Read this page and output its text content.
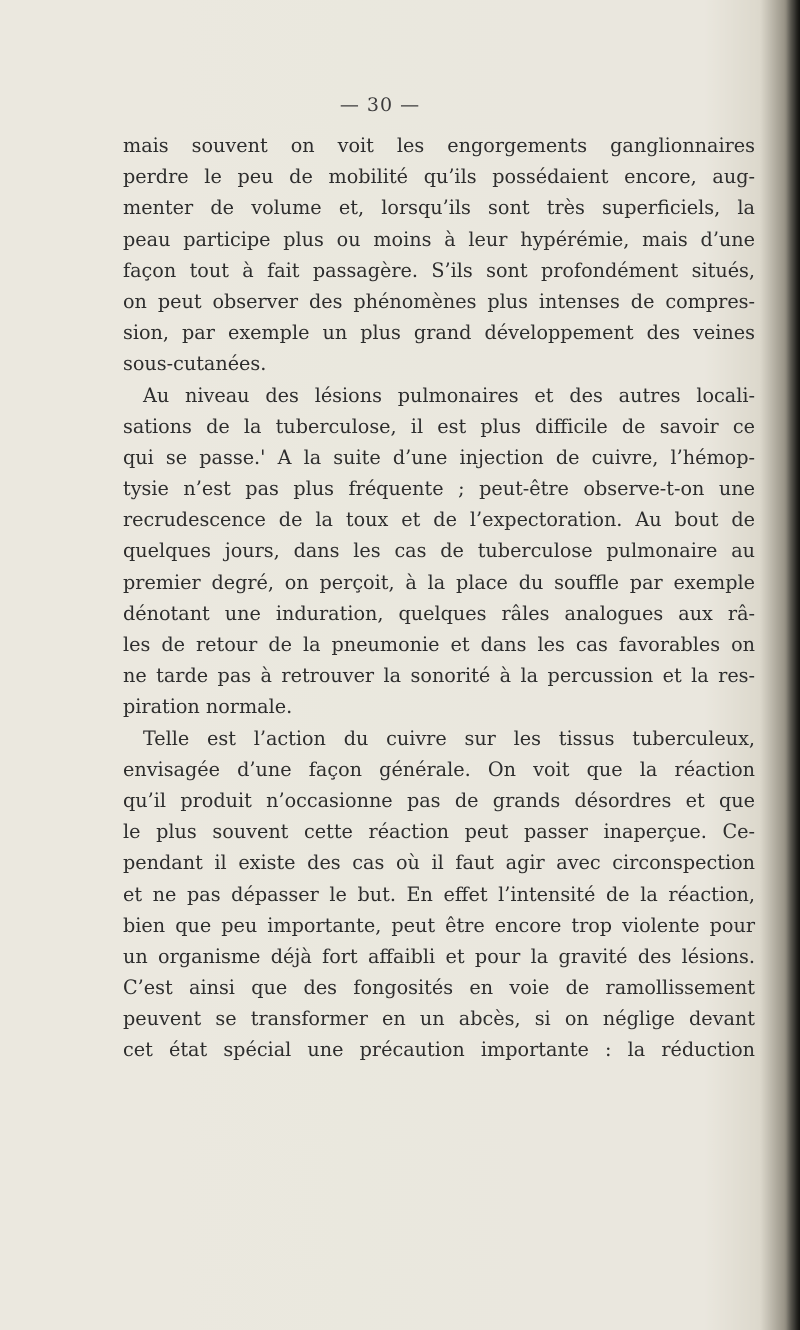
— 30 —
mais souvent on voit les engorgements ganglionnaires
perdre le peu de mobilité qu’ils possédaient encore, aug-
menter de volume et, lorsqu’ils sont très superficiels, la
peau participe plus ou moins à leur hypérémie, mais d’une
façon tout à fait passagère. S’ils sont profondément situés,
on peut observer des phénomènes plus intenses de compres-
sion, par exemple un plus grand développement des veines
sous-cutanées.
Au niveau des lésions pulmonaires et des autres locali-
sations de la tuberculose, il est plus difficile de savoir ce
qui se passe.' A la suite d’une injection de cuivre, l’hémop-
tysie n’est pas plus fréquente ; peut-être observe-t-on une
recrudescence de la toux et de l’expectoration. Au bout de
quelques jours, dans les cas de tuberculose pulmonaire au
premier degré, on perçoit, à la place du souffle par exemple
dénotant une induration, quelques râles analogues aux râ-
les de retour de la pneumonie et dans les cas favorables on
ne tarde pas à retrouver la sonorité à la percussion et la res-
piration normale.
Telle est l’action du cuivre sur les tissus tuberculeux,
envisagée d’une façon générale. On voit que la réaction
qu’il produit n’occasionne pas de grands désordres et que
le plus souvent cette réaction peut passer inaperçue. Ce-
pendant il existe des cas où il faut agir avec circonspection
et ne pas dépasser le but. En effet l’intensité de la réaction,
bien que peu importante, peut être encore trop violente pour
un organisme déjà fort affaibli et pour la gravité des lésions.
C’est ainsi que des fongosités en voie de ramollissement
peuvent se transformer en un abcès, si on néglige devant
cet état spécial une précaution importante : la réduction
